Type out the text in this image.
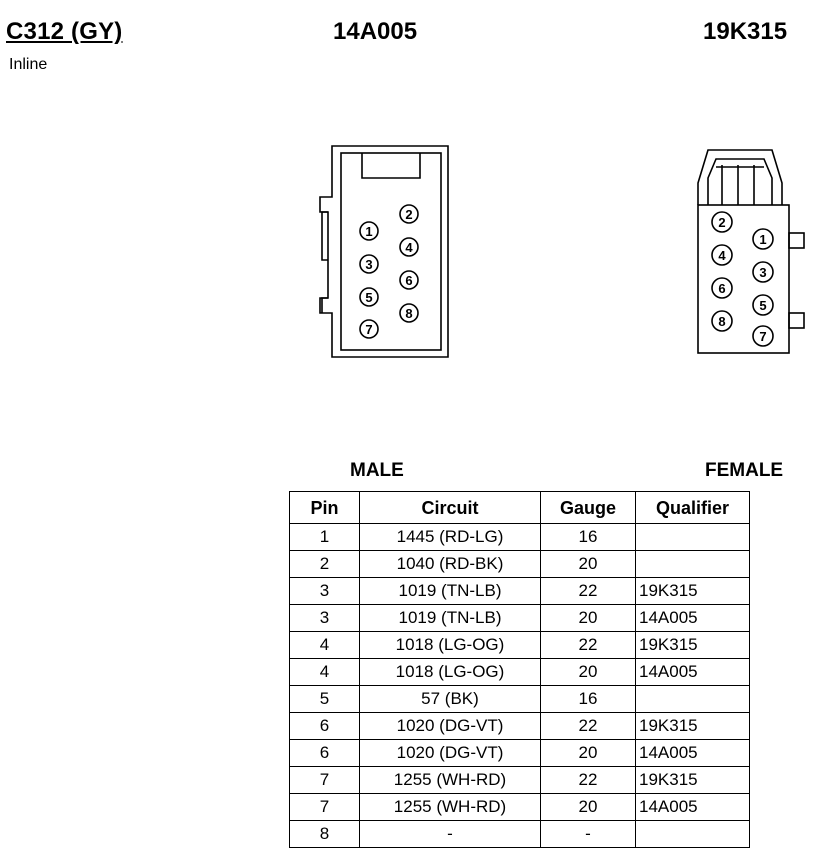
C312 (GY)
Inline
14A005	19K315
1
2
3
4
5
6
7
8
2
1
4
3
6
5
8
7
MALE	FEMALE
Pin	Circuit	Gauge	Qualifier
1	1445 (RD-LG)	16	
2	1040 (RD-BK)	20	
3	1019 (TN-LB)	22	19K315
3	1019 (TN-LB)	20	14A005
4	1018 (LG-OG)	22	19K315
4	1018 (LG-OG)	20	14A005
5	57 (BK)	16	
6	1020 (DG-VT)	22	19K315
6	1020 (DG-VT)	20	14A005
7	1255 (WH-RD)	22	19K315
7	1255 (WH-RD)	20	14A005
8	-	-	
